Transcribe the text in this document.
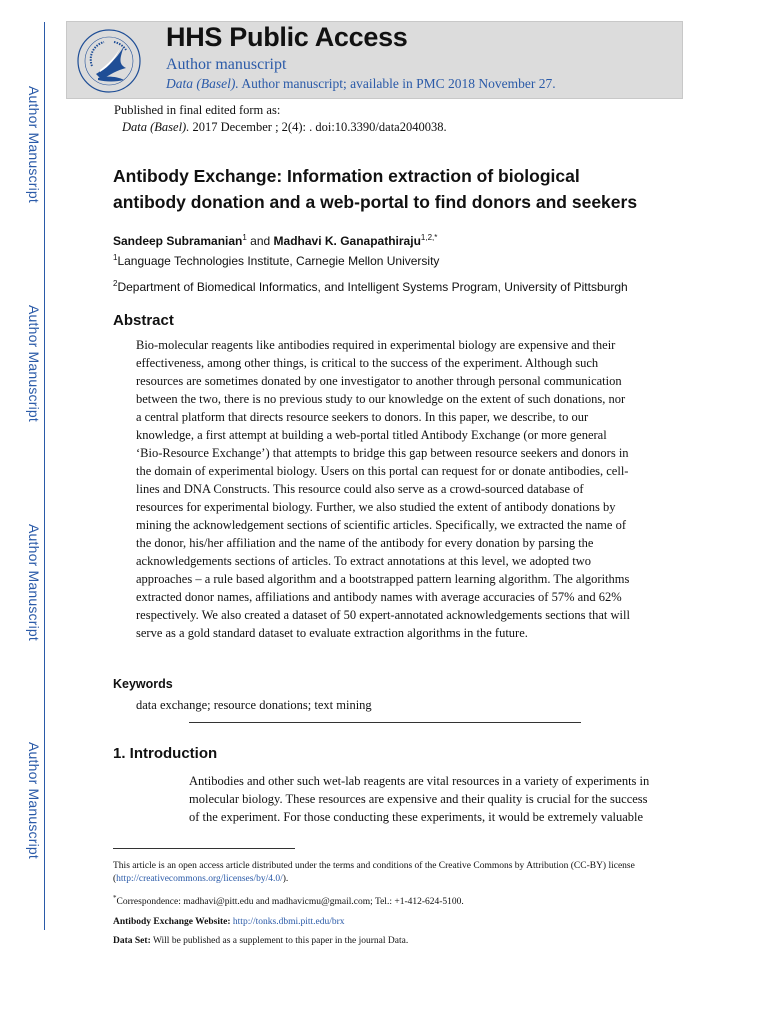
Author Manuscript
Author Manuscript
Author Manuscript
Author Manuscript
HHS Public Access
Author manuscript
Data (Basel). Author manuscript; available in PMC 2018 November 27.
Published in final edited form as:
Data (Basel). 2017 December ; 2(4): . doi:10.3390/data2040038.
Antibody Exchange: Information extraction of biological
antibody donation and a web-portal to find donors and seekers
Sandeep Subramanian$^1$ and Madhavi K. Ganapathiraju$^{1,2,*}$
$^1$Language Technologies Institute, Carnegie Mellon University
$^2$Department of Biomedical Informatics, and Intelligent Systems Program, University of Pittsburgh
Abstract
Bio-molecular reagents like antibodies required in experimental biology are expensive and their
effectiveness, among other things, is critical to the success of the experiment. Although such
resources are sometimes donated by one investigator to another through personal communication
between the two, there is no previous study to our knowledge on the extent of such donations, nor
a central platform that directs resource seekers to donors. In this paper, we describe, to our
knowledge, a first attempt at building a web-portal titled Antibody Exchange (or more general
‘Bio-Resource Exchange’) that attempts to bridge this gap between resource seekers and donors in
the domain of experimental biology. Users on this portal can request for or donate antibodies, cell-
lines and DNA Constructs. This resource could also serve as a crowd-sourced database of
resources for experimental biology. Further, we also studied the extent of antibody donations by
mining the acknowledgement sections of scientific articles. Specifically, we extracted the name of
the donor, his/her affiliation and the name of the antibody for every donation by parsing the
acknowledgements sections of articles. To extract annotations at this level, we adopted two
approaches – a rule based algorithm and a bootstrapped pattern learning algorithm. The algorithms
extracted donor names, affiliations and antibody names with average accuracies of 57% and 62%
respectively. We also created a dataset of 50 expert-annotated acknowledgements sections that will
serve as a gold standard dataset to evaluate extraction algorithms in the future.
Keywords
data exchange; resource donations; text mining
1. Introduction
Antibodies and other such wet-lab reagents are vital resources in a variety of experiments in
molecular biology. These resources are expensive and their quality is crucial for the success
of the experiment. For those conducting these experiments, it would be extremely valuable

This article is an open access article distributed under the terms and conditions of the Creative Commons by Attribution (CC-BY) license (http://creativecommons.org/licenses/by/4.0/).

*Correspondence: madhavi@pitt.edu and madhavicmu@gmail.com; Tel.: +1-412-624-5100.

Antibody Exchange Website: http://tonks.dbmi.pitt.edu/brx

Data Set: Will be published as a supplement to this paper in the journal Data.
